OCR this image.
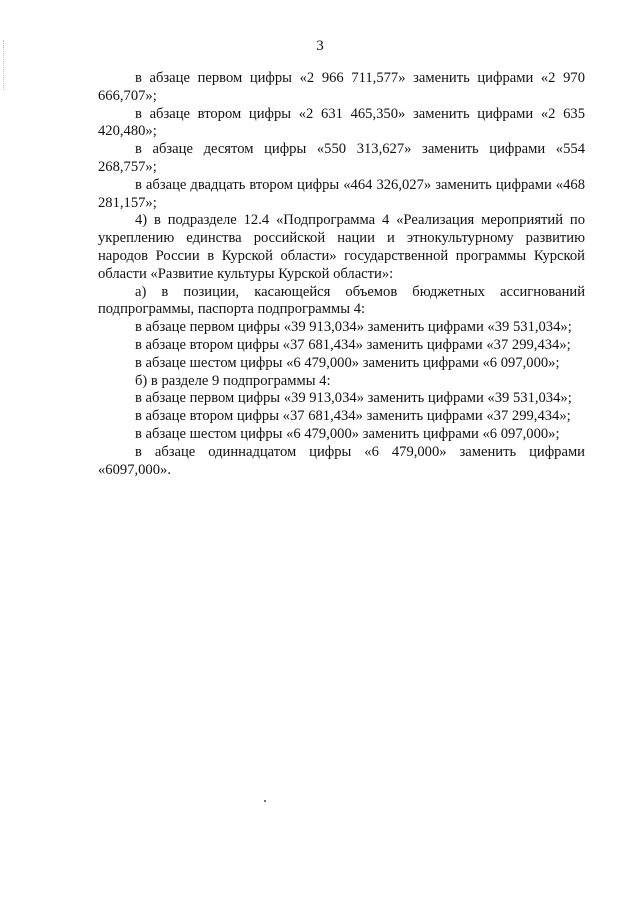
3

в абзаце первом цифры «2 966 711,577» заменить цифрами «2 970 666,707»;

в абзаце втором цифры «2 631 465,350» заменить цифрами «2 635 420,480»;

в абзаце десятом цифры «550 313,627» заменить цифрами «554 268,757»;

в абзаце двадцать втором цифры «464 326,027» заменить цифрами «468 281,157»;

4) в подразделе 12.4 «Подпрограмма 4 «Реализация мероприятий по укреплению единства российской нации и этнокультурному развитию народов России в Курской области» государственной программы Курской области «Развитие культуры Курской области»:

а) в позиции, касающейся объемов бюджетных ассигнований подпрограммы, паспорта подпрограммы 4:

в абзаце первом цифры «39 913,034» заменить цифрами «39 531,034»;

в абзаце втором цифры «37 681,434» заменить цифрами «37 299,434»;

в абзаце шестом цифры «6 479,000» заменить цифрами «6 097,000»;

б) в разделе 9 подпрограммы 4:

в абзаце первом цифры «39 913,034» заменить цифрами «39 531,034»;

в абзаце втором цифры «37 681,434» заменить цифрами «37 299,434»;

в абзаце шестом цифры «6 479,000» заменить цифрами «6 097,000»;

в абзаце одиннадцатом цифры «6 479,000» заменить цифрами «6097,000».
